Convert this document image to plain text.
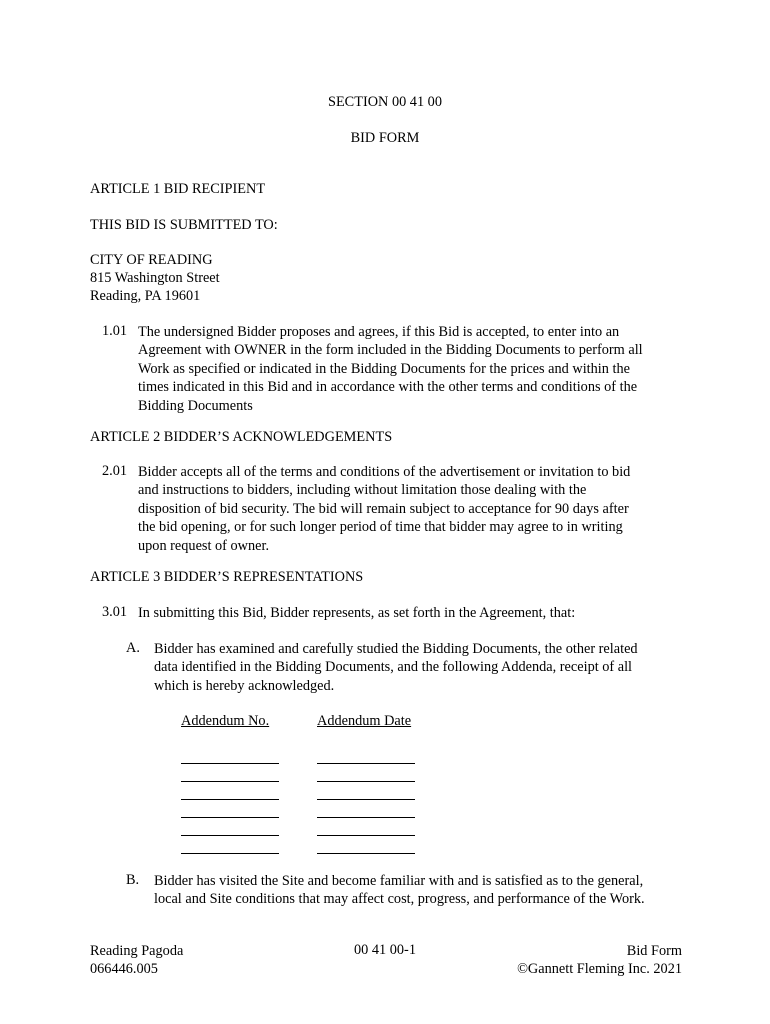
SECTION 00 41 00
BID FORM
ARTICLE 1 BID RECIPIENT
THIS BID IS SUBMITTED TO:
CITY OF READING
815 Washington Street
Reading, PA 19601
1.01 The undersigned Bidder proposes and agrees, if this Bid is accepted, to enter into an
Agreement with OWNER in the form included in the Bidding Documents to perform all
Work as specified or indicated in the Bidding Documents for the prices and within the
times indicated in this Bid and in accordance with the other terms and conditions of the
Bidding Documents
ARTICLE 2 BIDDER’S ACKNOWLEDGEMENTS
2.01 Bidder accepts all of the terms and conditions of the advertisement or invitation to bid
and instructions to bidders, including without limitation those dealing with the
disposition of bid security. The bid will remain subject to acceptance for 90 days after
the bid opening, or for such longer period of time that bidder may agree to in writing
upon request of owner.
ARTICLE 3 BIDDER’S REPRESENTATIONS
3.01 In submitting this Bid, Bidder represents, as set forth in the Agreement, that:
A. Bidder has examined and carefully studied the Bidding Documents, the other related
data identified in the Bidding Documents, and the following Addenda, receipt of all
which is hereby acknowledged.
Addendum No.	Addendum Date
B. Bidder has visited the Site and become familiar with and is satisfied as to the general,
local and Site conditions that may affect cost, progress, and performance of the Work.
Reading Pagoda
066446.005
00 41 00-1	Bid Form
©Gannett Fleming Inc. 2021
